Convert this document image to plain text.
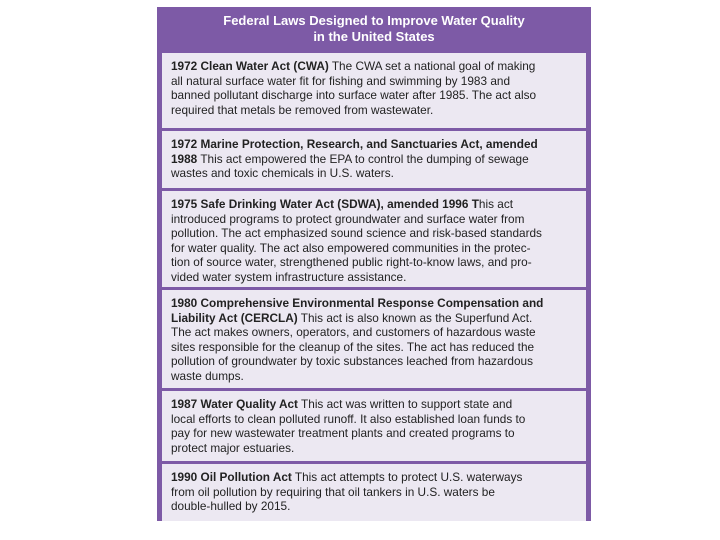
Federal Laws Designed to Improve Water Quality
in the United States
1972 Clean Water Act (CWA) The CWA set a national goal of making
all natural surface water fit for fishing and swimming by 1983 and
banned pollutant discharge into surface water after 1985. The act also
required that metals be removed from wastewater.
1972 Marine Protection, Research, and Sanctuaries Act, amended
1988 This act empowered the EPA to control the dumping of sewage
wastes and toxic chemicals in U.S. waters.
1975 Safe Drinking Water Act (SDWA), amended 1996 This act
introduced programs to protect groundwater and surface water from
pollution. The act emphasized sound science and risk-based standards
for water quality. The act also empowered communities in the protec-
tion of source water, strengthened public right-to-know laws, and pro-
vided water system infrastructure assistance.
1980 Comprehensive Environmental Response Compensation and
Liability Act (CERCLA) This act is also known as the Superfund Act.
The act makes owners, operators, and customers of hazardous waste
sites responsible for the cleanup of the sites. The act has reduced the
pollution of groundwater by toxic substances leached from hazardous
waste dumps.
1987 Water Quality Act This act was written to support state and
local efforts to clean polluted runoff. It also established loan funds to
pay for new wastewater treatment plants and created programs to
protect major estuaries.
1990 Oil Pollution Act This act attempts to protect U.S. waterways
from oil pollution by requiring that oil tankers in U.S. waters be
double-hulled by 2015.
